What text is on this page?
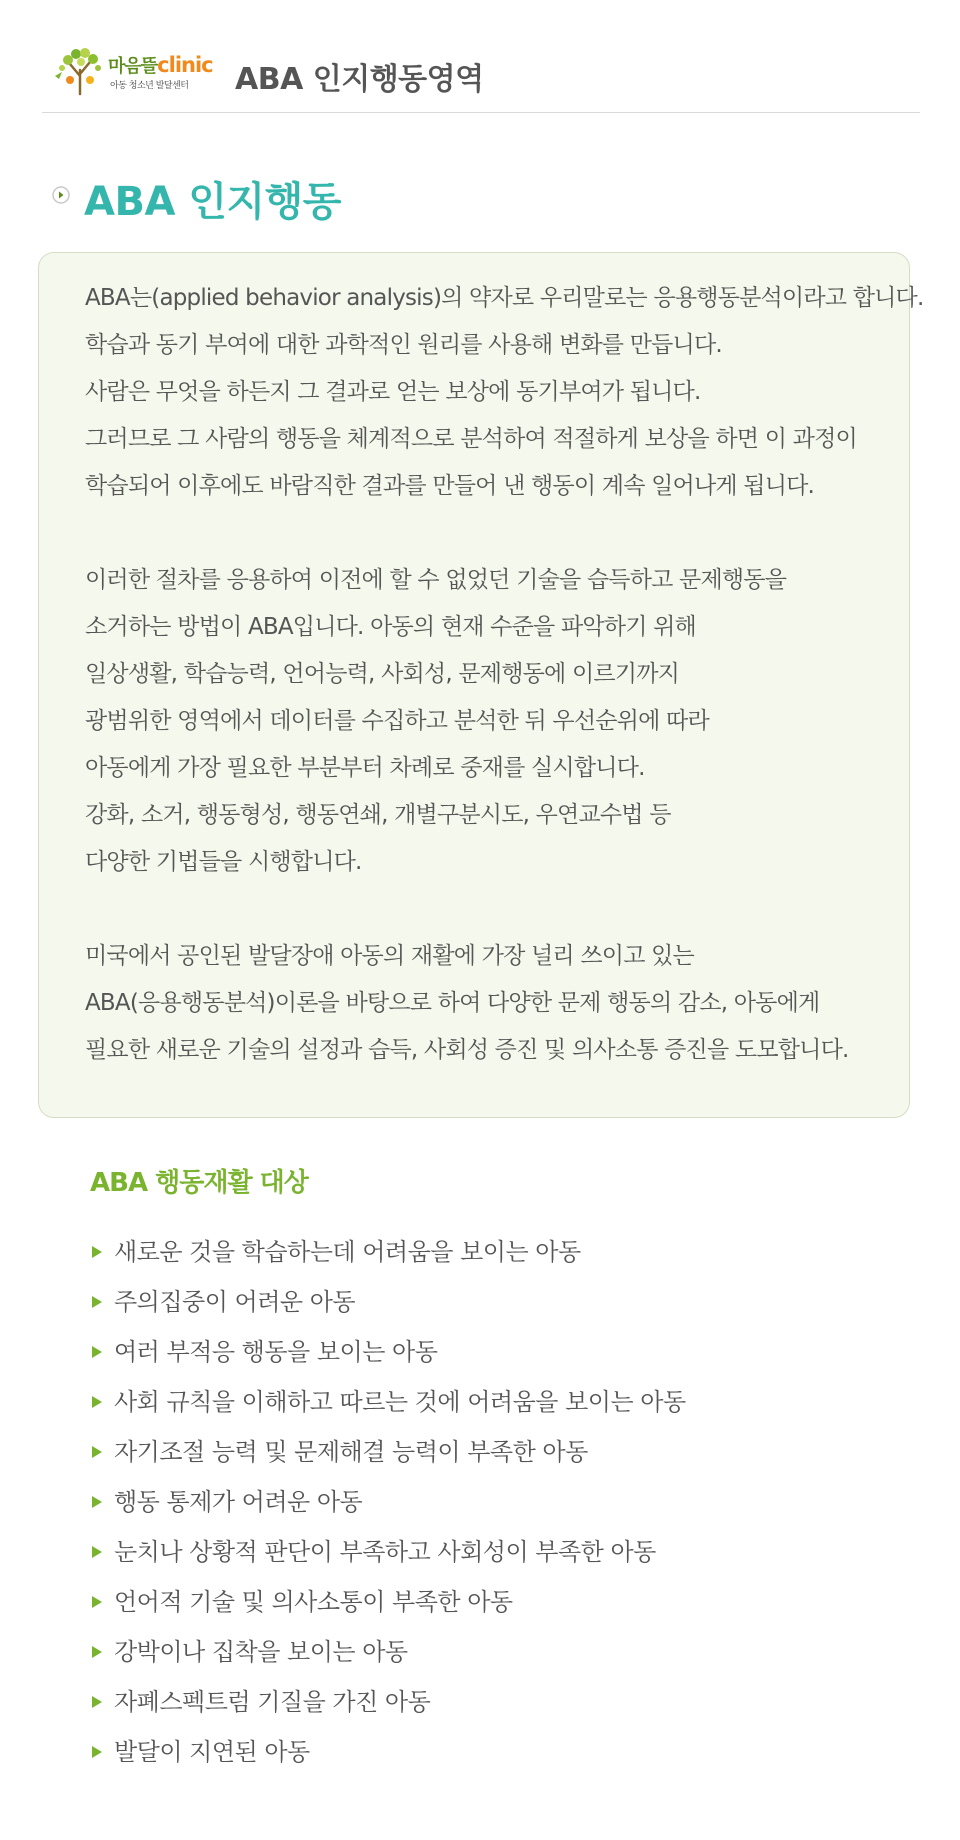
마음뜰clinic
아동 청소년 발달센터 ABA 인지행동영역
ABA 인지행동
ABA는(applied behavior analysis)의 약자로 우리말로는 응용행동분석이라고 합니다.
학습과 동기 부여에 대한 과학적인 원리를 사용해 변화를 만듭니다.
사람은 무엇을 하든지 그 결과로 얻는 보상에 동기부여가 됩니다.
그러므로 그 사람의 행동을 체계적으로 분석하여 적절하게 보상을 하면 이 과정이
학습되어 이후에도 바람직한 결과를 만들어 낸 행동이 계속 일어나게 됩니다.
이러한 절차를 응용하여 이전에 할 수 없었던 기술을 습득하고 문제행동을
소거하는 방법이 ABA입니다. 아동의 현재 수준을 파악하기 위해
일상생활, 학습능력, 언어능력, 사회성, 문제행동에 이르기까지
광범위한 영역에서 데이터를 수집하고 분석한 뒤 우선순위에 따라
아동에게 가장 필요한 부분부터 차례로 중재를 실시합니다.
강화, 소거, 행동형성, 행동연쇄, 개별구분시도, 우연교수법 등
다양한 기법들을 시행합니다.
미국에서 공인된 발달장애 아동의 재활에 가장 널리 쓰이고 있는
ABA(응용행동분석)이론을 바탕으로 하여 다양한 문제 행동의 감소, 아동에게
필요한 새로운 기술의 설정과 습득, 사회성 증진 및 의사소통 증진을 도모합니다.
ABA 행동재활 대상
새로운 것을 학습하는데 어려움을 보이는 아동
주의집중이 어려운 아동
여러 부적응 행동을 보이는 아동
사회 규칙을 이해하고 따르는 것에 어려움을 보이는 아동
자기조절 능력 및 문제해결 능력이 부족한 아동
행동 통제가 어려운 아동
눈치나 상황적 판단이 부족하고 사회성이 부족한 아동
언어적 기술 및 의사소통이 부족한 아동
강박이나 집착을 보이는 아동
자폐스펙트럼 기질을 가진 아동
발달이 지연된 아동
